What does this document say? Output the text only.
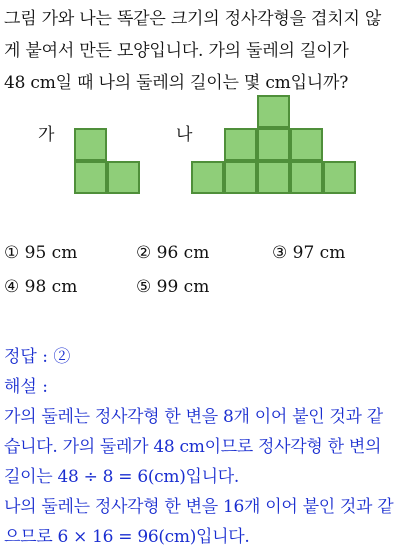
그림 가와 나는 똑같은 크기의 정사각형을 겹치지 않
게 붙여서 만든 모양입니다. 가의 둘레의 길이가
48 cm일 때 나의 둘레의 길이는 몇 cm입니까?
가	나
① 95 cm	② 96 cm	③ 97 cm
④ 98 cm	⑤ 99 cm
정답 : ②
해설 :
가의 둘레는 정사각형 한 변을 8개 이어 붙인 것과 같
습니다. 가의 둘레가 48 cm이므로 정사각형 한 변의
길이는 48 ÷ 8 = 6(cm)입니다.
나의 둘레는 정사각형 한 변을 16개 이어 붙인 것과 같
으므로 6 × 16 = 96(cm)입니다.
